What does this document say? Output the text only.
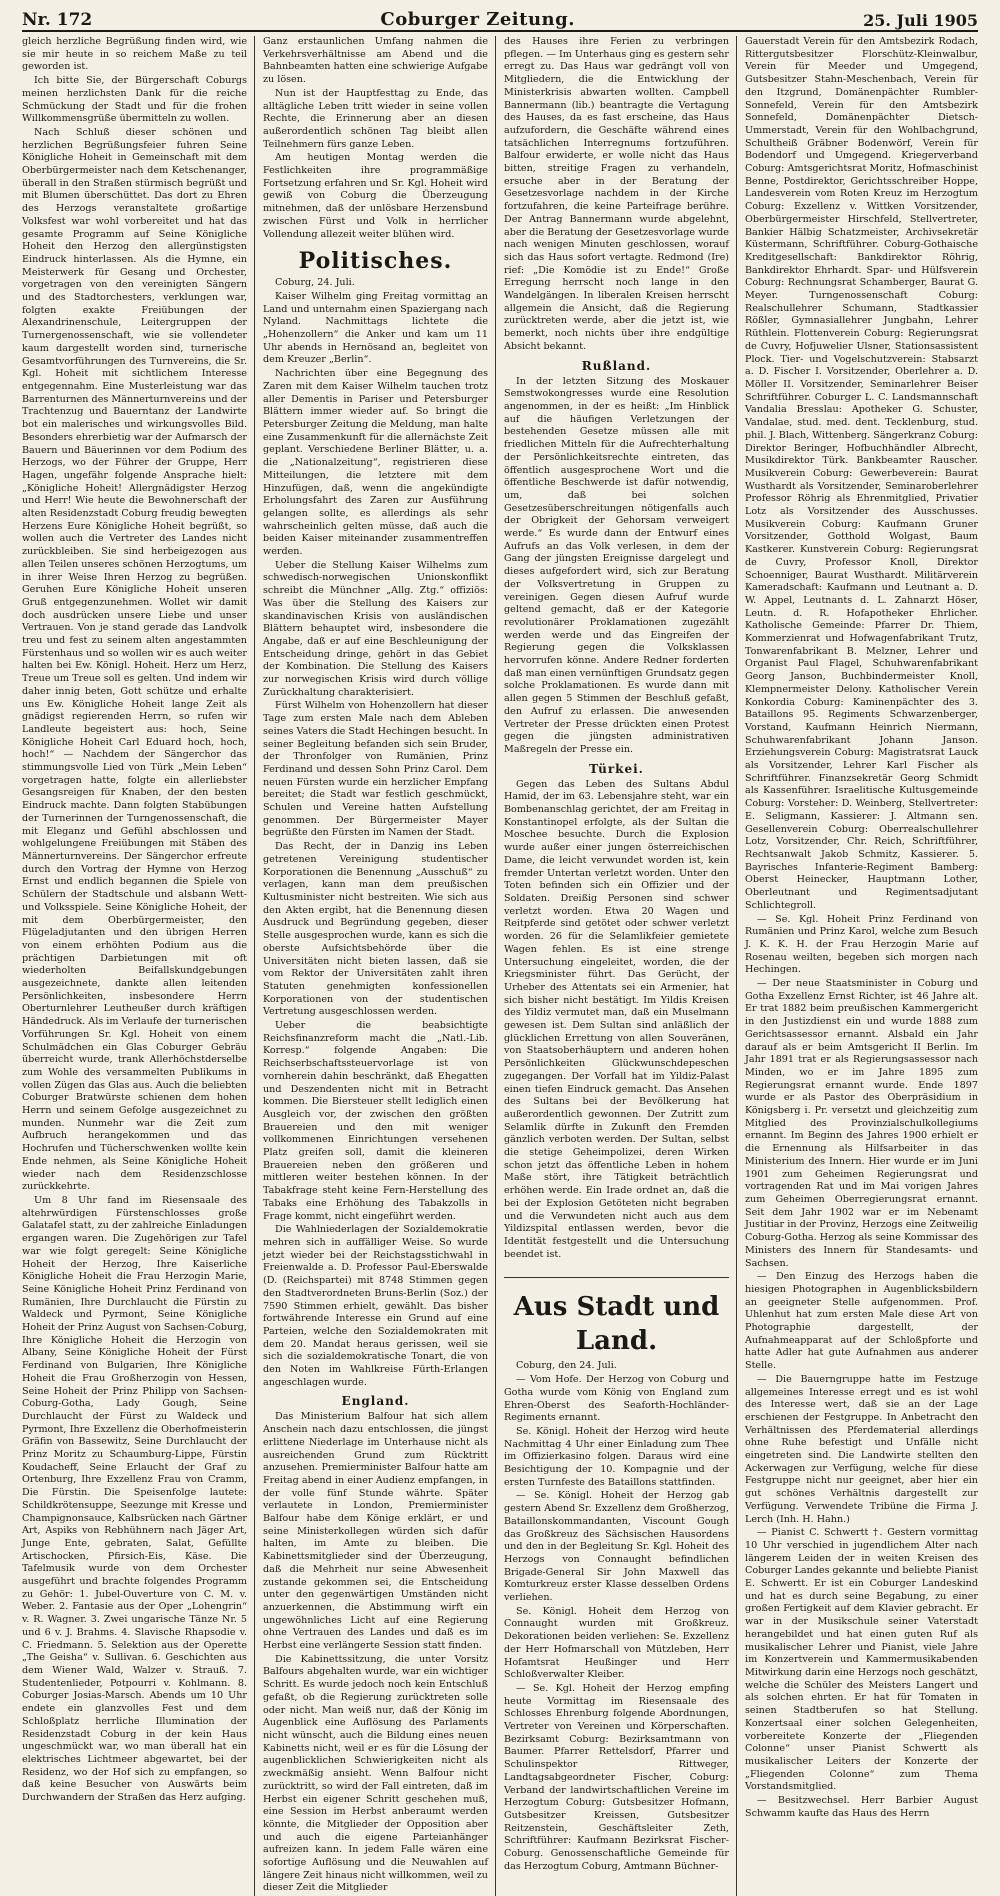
Nr. 172	Coburger Zeitung.	25. Juli 1905

gleich herzliche Begrüßung finden wird, wie sie mir heute in so reichem Maße zu teil geworden ist.

Ich bitte Sie, der Bürgerschaft Coburgs meinen herzlichsten Dank für die reiche Schmückung der Stadt und für die frohen Willkommensgrüße übermitteln zu wollen.

Nach Schluß dieser schönen und herzlichen Begrüßungsfeier fuhren Seine Königliche Hoheit in Gemeinschaft mit dem Oberbürgermeister nach dem Ketschenanger, überall in den Straßen stürmisch begrüßt und mit Blumen überschüttet. Das dort zu Ehren des Herzogs veranstaltete großartige Volksfest war wohl vorbereitet und hat das gesamte Programm auf Seine Königliche Hoheit den Herzog den allergünstigsten Eindruck hinterlassen. Als die Hymne, ein Meisterwerk für Gesang und Orchester, vorgetragen von den vereinigten Sängern und des Stadtorchesters, verklungen war, folgten exakte Freiübungen der Alexandrinenschule, Leitergruppen der Turnergenossenschaft, wie sie vollendeter kaum dargestellt worden sind, turnerische Gesamtvorführungen des Turnvereins, die Sr. Kgl. Hoheit mit sichtlichem Interesse entgegennahm. Eine Musterleistung war das Barrenturnen des Männerturnvereins und der Trachtenzug und Bauerntanz der Landwirte bot ein malerisches und wirkungsvolles Bild. Besonders ehrerbietig war der Aufmarsch der Bauern und Bäuerinnen vor dem Podium des Herzogs, wo der Führer der Gruppe, Herr Hagen, ungefähr folgende Ansprache hielt: „Königliche Hoheit! Allergnädigster Herzog und Herr! Wie heute die Bewohnerschaft der alten Residenzstadt Coburg freudig bewegten Herzens Eure Königliche Hoheit begrüßt, so wollen auch die Vertreter des Landes nicht zurückbleiben. Sie sind herbeigezogen aus allen Teilen unseres schönen Herzogtums, um in ihrer Weise Ihren Herzog zu begrüßen. Geruhen Eure Königliche Hoheit unseren Gruß entgegenzunehmen. Wollet wir damit doch ausdrücken unsere Liebe und unser Vertrauen. Von je stand gerade das Landvolk treu und fest zu seinem alten angestammten Fürstenhaus und so wollen wir es auch weiter halten bei Ew. Königl. Hoheit. Herz um Herz, Treue um Treue soll es gelten. Und indem wir daher innig beten, Gott schütze und erhalte uns Ew. Königliche Hoheit lange Zeit als gnädigst regierenden Herrn, so rufen wir Landleute begeistert aus: hoch, Seine Königliche Hoheit Carl Eduard hoch, hoch, hoch!“ — Nachdem der Sängerchor das stimmungsvolle Lied von Türk „Mein Leben“ vorgetragen hatte, folgte ein allerliebster Gesangsreigen für Knaben, der den besten Eindruck machte. Dann folgten Stabübungen der Turnerinnen der Turngenossenschaft, die mit Eleganz und Gefühl abschlossen und wohlgelungene Freiübungen mit Stäben des Männerturnvereins. Der Sängerchor erfreute durch den Vortrag der Hymne von Herzog Ernst und endlich begannen die Spiele von Schülern der Stadtschule und alsbann Wett- und Volksspiele. Seine Königliche Hoheit, der mit dem Oberbürgermeister, den Flügeladjutanten und den übrigen Herren von einem erhöhten Podium aus die prächtigen Darbietungen mit oft wiederholten Beifallskundgebungen ausgezeichnete, dankte allen leitenden Persönlichkeiten, insbesondere Herrn Oberturnlehrer Leutheußer durch kräftigen Händedruck. Als im Verlaufe der turnerischen Vorführungen Sr. Kgl. Hoheit von einem Schulmädchen ein Glas Coburger Gebräu überreicht wurde, trank Allerhöchstderselbe zum Wohle des versammelten Publikums in vollen Zügen das Glas aus. Auch die beliebten Coburger Bratwürste schienen dem hohen Herrn und seinem Gefolge ausgezeichnet zu munden. Nunmehr war die Zeit zum Aufbruch herangekommen und das Hochrufen und Tücherschwenken wollte kein Ende nehmen, als Seine Königliche Hoheit wieder nach dem Residenzschlosse zurückkehrte.

Um 8 Uhr fand im Riesensaale des altehrwürdigen Fürstenschlosses große Galatafel statt, zu der zahlreiche Einladungen ergangen waren. Die Zugehörigen zur Tafel war wie folgt geregelt: Seine Königliche Hoheit der Herzog, Ihre Kaiserliche Königliche Hoheit die Frau Herzogin Marie, Seine Königliche Hoheit Prinz Ferdinand von Rumänien, Ihre Durchlaucht die Fürstin zu Waldeck und Pyrmont, Seine Königliche Hoheit der Prinz August von Sachsen-Coburg, Ihre Königliche Hoheit die Herzogin von Albany, Seine Königliche Hoheit der Fürst Ferdinand von Bulgarien, Ihre Königliche Hoheit die Frau Großherzogin von Hessen, Seine Hoheit der Prinz Philipp von Sachsen-Coburg-Gotha, Lady Gough, Seine Durchlaucht der Fürst zu Waldeck und Pyrmont, Ihre Exzellenz die Oberhofmeisterin Gräfin von Bassewitz, Seine Durchlaucht der Prinz Moritz zu Schaumburg-Lippe, Fürstin Koudacheff, Seine Erlaucht der Graf zu Ortenburg, Ihre Exzellenz Frau von Cramm, Die Fürstin. Die Speisenfolge lautete: Schildkrötensuppe, Seezunge mit Kresse und Champignonsauce, Kalbsrücken nach Gärtner Art, Aspiks von Rebhühnern nach Jäger Art, Junge Ente, gebraten, Salat, Gefüllte Artischocken, Pfirsich-Eis, Käse. Die Tafelmusik wurde von dem Orchester ausgeführt und brachte folgendes Programm zu Gehör: 1. Jubel-Ouverture von C. M. v. Weber. 2. Fantasie aus der Oper „Lohengrin“ v. R. Wagner. 3. Zwei ungarische Tänze Nr. 5 und 6 v. J. Brahms. 4. Slavische Rhapsodie v. C. Friedmann. 5. Selektion aus der Operette „The Geisha“ v. Sullivan. 6. Geschichten aus dem Wiener Wald, Walzer v. Strauß. 7. Studentenlieder, Potpourri v. Kohlmann. 8. Coburger Josias-Marsch. Abends um 10 Uhr endete ein glanzvolles Fest und dem Schloßplatz herrliche Illumination der Residenzstadt Coburg in der kein Haus ungeschmückt war, wo man überall hat ein elektrisches Lichtmeer abgewartet, bei der Residenz, wo der Hof sich zu empfangen, so daß keine Besucher von Auswärts beim Durchwandern der Straßen das Herz aufging.

Ganz erstaunlichen Umfang nahmen die Verkehrsverhältnisse am Abend und die Bahnbeamten hatten eine schwierige Aufgabe zu lösen.

Nun ist der Hauptfesttag zu Ende, das alltägliche Leben tritt wieder in seine vollen Rechte, die Erinnerung aber an diesen außerordentlich schönen Tag bleibt allen Teilnehmern fürs ganze Leben.

Am heutigen Montag werden die Festlichkeiten ihre programmäßige Fortsetzung erfahren und Sr. Kgl. Hoheit wird gewiß von Coburg die Überzeugung mitnehmen, daß der unlösbare Herzensbund zwischen Fürst und Volk in herrlicher Vollendung allezeit weiter blühen wird.

Politisches.

Coburg, 24. Juli.

Kaiser Wilhelm ging Freitag vormittag an Land und unternahm einen Spaziergang nach Nyland. Nachmittags lichtete die „Hohenzollern“ die Anker und kam um 11 Uhr abends in Hernösand an, begleitet von dem Kreuzer „Berlin“.

Nachrichten über eine Begegnung des Zaren mit dem Kaiser Wilhelm tauchen trotz aller Dementis in Pariser und Petersburger Blättern immer wieder auf. So bringt die Petersburger Zeitung die Meldung, man halte eine Zusammenkunft für die allernächste Zeit geplant. Verschiedene Berliner Blätter, u. a. die „Nationalzeitung“, registrieren diese Mitteilungen, die letztere mit dem Hinzufügen, daß, wenn die angekündigte Erholungsfahrt des Zaren zur Ausführung gelangen sollte, es allerdings als sehr wahrscheinlich gelten müsse, daß auch die beiden Kaiser miteinander zusammentreffen werden.

Ueber die Stellung Kaiser Wilhelms zum schwedisch-norwegischen Unionskonflikt schreibt die Münchner „Allg. Ztg.“ offiziös: Was über die Stellung des Kaisers zur skandinavischen Krisis von ausländischen Blättern behauptet wird, insbesondere die Angabe, daß er auf eine Beschleunigung der Entscheidung dringe, gehört in das Gebiet der Kombination. Die Stellung des Kaisers zur norwegischen Krisis wird durch völlige Zurückhaltung charakterisiert.

Fürst Wilhelm von Hohenzollern hat dieser Tage zum ersten Male nach dem Ableben seines Vaters die Stadt Hechingen besucht. In seiner Begleitung befanden sich sein Bruder, der Thronfolger von Rumänien, Prinz Ferdinand und dessen Sohn Prinz Carol. Dem neuen Fürsten wurde ein herzlicher Empfang bereitet; die Stadt war festlich geschmückt, Schulen und Vereine hatten Aufstellung genommen. Der Bürgermeister Mayer begrüßte den Fürsten im Namen der Stadt.

Das Recht, der in Danzig ins Leben getretenen Vereinigung studentischer Korporationen die Benennung „Ausschuß“ zu verlagen, kann man dem preußischen Kultusminister nicht bestreiten. Wie sich aus den Akten ergibt, hat die Benennung diesen Ausdruck und Begründung gegeben, dieser Stelle ausgesprochen wurde, kann es sich die oberste Aufsichtsbehörde über die Universitäten nicht bieten lassen, daß sie vom Rektor der Universitäten zahlt ihren Statuten genehmigten konfessionellen Korporationen von der studentischen Vertretung ausgeschlossen werden.

Ueber die beabsichtigte Reichsfinanzreform macht die „Natl.-Lib. Korresp.“ folgende Angaben: Die Reichserbschaftssteuervorlage ist von vornherein dahin beschränkt, daß Ehegatten und Deszendenten nicht mit in Betracht kommen. Die Biersteuer stellt lediglich einen Ausgleich vor, der zwischen den größten Brauereien und den mit weniger vollkommenen Einrichtungen versehenen Platz greifen soll, damit die kleineren Brauereien neben den größeren und mittleren weiter bestehen können. In der Tabakfrage steht keine Fern-Herstellung des Tabaks eine Erhöhung des Tabakzolls in Frage kommt, nicht eingeführt werden.

Die Wahlniederlagen der Sozialdemokratie mehren sich in auffälliger Weise. So wurde jetzt wieder bei der Reichstagsstichwahl in Freienwalde a. D. Professor Paul-Eberswalde (D. (Reichspartei) mit 8748 Stimmen gegen den Stadtverordneten Bruns-Berlin (Soz.) der 7590 Stimmen erhielt, gewählt. Das bisher fortwährende Interesse ein Grund auf eine Parteien, welche den Sozialdemokraten mit dem 20. Mandat heraus gerissen, weil sie sich die sozialdemokratische Tonart, die von den Noten im Wahlkreise Fürth-Erlangen angeschlagen wurde.

England.

Das Ministerium Balfour hat sich allem Anschein nach dazu entschlossen, die jüngst erlittene Niederlage im Unterhause nicht als ausreichenden Grund zum Rücktritt anzusehen. Premierminister Balfour hatte am Freitag abend in einer Audienz empfangen, in der volle fünf Stunde währte. Später verlautete in London, Premierminister Balfour habe dem Könige erklärt, er und seine Ministerkollegen würden sich dafür halten, im Amte zu bleiben. Die Kabinettsmitglieder sind der Überzeugung, daß die Mehrheit nur seine Abwesenheit zustande gekommen sei, die Entscheidung unter den gegenwärtigen Umständen nicht anzuerkennen, die Abstimmung wirft ein ungewöhnliches Licht auf eine Regierung ohne Vertrauen des Landes und daß es im Herbst eine verlängerte Session statt finden.

Die Kabinettssitzung, die unter Vorsitz Balfours abgehalten wurde, war ein wichtiger Schritt. Es wurde jedoch noch kein Entschluß gefaßt, ob die Regierung zurücktreten solle oder nicht. Man weiß nur, daß der König im Augenblick eine Auflösung des Parlaments nicht wünscht, auch die Bildung eines neuen Kabinetts nicht, weil er es für die Lösung der augenblicklichen Schwierigkeiten nicht als zweckmäßig ansieht. Wenn Balfour nicht zurücktritt, so wird der Fall eintreten, daß im Herbst ein eigener Schritt geschehen muß, eine Session im Herbst anberaumt werden könnte, die Mitglieder der Opposition aber und auch die eigene Parteianhänger aufreizen kann. In jedem Falle wären eine sofortige Auflösung und die Neuwahlen auf längere Zeit hinaus nicht willkommen, weil zu dieser Zeit die Mitglieder

des Hauses ihre Ferien zu verbringen pflegen. — Im Unterhaus ging es gestern sehr erregt zu. Das Haus war gedrängt voll von Mitgliedern, die die Entwicklung der Ministerkrisis abwarten wollten. Campbell Bannermann (lib.) beantragte die Vertagung des Hauses, da es fast erscheine, das Haus aufzufordern, die Geschäfte während eines tatsächlichen Interregnums fortzuführen. Balfour erwiderte, er wolle nicht das Haus bitten, streitige Fragen zu verhandeln, ersuche aber in der Beratung der Gesetzesvorlage nachdem in der Kirche fortzufahren, die keine Parteifrage berühre. Der Antrag Bannermann wurde abgelehnt, aber die Beratung der Gesetzesvorlage wurde nach wenigen Minuten geschlossen, worauf sich das Haus sofort vertagte. Redmond (Ire) rief: „Die Komödie ist zu Ende!“ Große Erregung herrscht noch lange in den Wandelgängen. In liberalen Kreisen herrscht allgemein die Ansicht, daß die Regierung zurücktreten werde, aber die jetzt ist, wie bemerkt, noch nichts über ihre endgültige Absicht bekannt.

Rußland.

In der letzten Sitzung des Moskauer Semstwokongresses wurde eine Resolution angenommen, in der es heißt: „Im Hinblick auf die häufigen Verletzungen der bestehenden Gesetze müssen alle mit friedlichen Mitteln für die Aufrechterhaltung der Persönlichkeitsrechte eintreten, das öffentlich ausgesprochene Wort und die öffentliche Beschwerde ist dafür notwendig, um, daß bei solchen Gesetzesüberschreitungen nötigenfalls auch der Obrigkeit der Gehorsam verweigert werde.“ Es wurde dann der Entwurf eines Aufrufs an das Volk verlesen, in dem der Gang der jüngsten Ereignisse dargelegt und dieses aufgefordert wird, sich zur Beratung der Volksvertretung in Gruppen zu vereinigen. Gegen diesen Aufruf wurde geltend gemacht, daß er der Kategorie revolutionärer Proklamationen zugezählt werden werde und das Eingreifen der Regierung gegen die Volksklassen hervorrufen könne. Andere Redner forderten daß man einen vernünftigen Grundsatz gegen solche Proklamationen. Es wurde dann mit allen gegen 5 Stimmen der Beschluß gefaßt, den Aufruf zu erlassen. Die anwesenden Vertreter der Presse drückten einen Protest gegen die jüngsten administrativen Maßregeln der Presse ein.

Türkei.

Gegen das Leben des Sultans Abdul Hamid, der im 63. Lebensjahre steht, war ein Bombenanschlag gerichtet, der am Freitag in Konstantinopel erfolgte, als der Sultan die Moschee besuchte. Durch die Explosion wurde außer einer jungen österreichischen Dame, die leicht verwundet worden ist, kein fremder Untertan verletzt worden. Unter den Toten befinden sich ein Offizier und der Soldaten. Dreißig Personen sind schwer verletzt worden. Etwa 20 Wagen und Reitpferde sind getötet oder schwer verletzt worden. 26 für die Selamlikfeier gemietete Wagen fehlen. Es ist eine strenge Untersuchung eingeleitet, worden, die der Kriegsminister führt. Das Gerücht, der Urheber des Attentats sei ein Armenier, hat sich bisher nicht bestätigt. Im Yildis Kreisen des Yildiz vermutet man, daß ein Muselmann gewesen ist. Dem Sultan sind anläßlich der glücklichen Errettung von allen Souveränen, von Staatsoberhäuptern und anderen hohen Persönlichkeiten Glückwunschdepeschen zugegangen. Der Vorfall hat im Yildiz-Palast einen tiefen Eindruck gemacht. Das Ansehen des Sultans bei der Bevölkerung hat außerordentlich gewonnen. Der Zutritt zum Selamlik dürfte in Zukunft den Fremden gänzlich verboten werden. Der Sultan, selbst die stetige Geheimpolizei, deren Wirken schon jetzt das öffentliche Leben in hohem Maße stört, ihre Tätigkeit beträchtlich erhöhen werde. Ein Irade ordnet an, daß die bei der Explosion Getöteten nicht begraben und die Verwundeten nicht auch aus dem Yildizspital entlassen werden, bevor die Identität festgestellt und die Untersuchung beendet ist.

Aus Stadt und Land.

Coburg, den 24. Juli.

— Vom Hofe. Der Herzog von Coburg und Gotha wurde vom König von England zum Ehren-Oberst des Seaforth-Hochländer-Regiments ernannt.

Se. Königl. Hoheit der Herzog wird heute Nachmittag 4 Uhr einer Einladung zum Thee im Offizierkasino folgen. Daraus wird eine Besichtigung der 10. Kompagnie und der ersten Turnfeste des Bataillons stattfinden.

— Se. Königl. Hoheit der Herzog gab gestern Abend Sr. Exzellenz dem Großherzog, Bataillonskommandanten, Viscount Gough das Großkreuz des Sächsischen Hausordens und den in der Begleitung Sr. Kgl. Hoheit des Herzogs von Connaught befindlichen Brigade-General Sir John Maxwell das Komturkreuz erster Klasse desselben Ordens verliehen.

Se. Königl. Hoheit dem Herzog von Connaught wurden mit Großkreuz. Dekorationen beiden verliehen: Se. Exzellenz der Herr Hofmarschall von Mützleben, Herr Hofamtsrat Heußinger und Herr Schloßverwalter Kleiber.

— Se. Kgl. Hoheit der Herzog empfing heute Vormittag im Riesensaale des Schlosses Ehrenburg folgende Abordnungen, Vertreter von Vereinen und Körperschaften. Bezirksamt Coburg: Bezirksamtmann von Baumer. Pfarrer Rettelsdorf, Pfarrer und Schulinspektor Rittweger, Landtagsabgeordneter Fischer, Coburg: Verband der landwirtschaftlichen Vereine im Herzogtum Coburg: Gutsbesitzer Hofmann, Gutsbesitzer Kreissen, Gutsbesitzer Reitzenstein, Geschäftsleiter Zeth, Schriftführer: Kaufmann Bezirksrat Fischer-Coburg. Genossenschaftliche Gemeinde für das Herzogtum Coburg, Amtmann Büchner-

Gauerstadt Verein für den Amtsbezirk Rodach, Rittergutsbesitzer Florschütz-Kleinwalbur, Verein für Meeder und Umgegend, Gutsbesitzer Stahn-Meschenbach, Verein für den Itzgrund, Domänenpächter Rumbler-Sonnefeld, Verein für den Amtsbezirk Sonnefeld, Domänenpächter Dietsch-Ummerstadt, Verein für den Wohlbachgrund, Schultheiß Gräbner Bodenwörf, Verein für Bodendorf und Umgegend. Kriegerverband Coburg: Amtsgerichtsrat Moritz, Hofmaschinist Benne, Postdirektor, Gerichtsschreiber Hoppe, Landesverein vom Roten Kreuz im Herzogtum Coburg: Exzellenz v. Wittken Vorsitzender, Oberbürgermeister Hirschfeld, Stellvertreter, Bankier Hälbig Schatzmeister, Archivsekretär Küstermann, Schriftführer. Coburg-Gothaische Kreditgesellschaft: Bankdirektor Röhrig, Bankdirektor Ehrhardt. Spar- und Hülfsverein Coburg: Rechnungsrat Schamberger, Baurat G. Meyer. Turngenossenschaft Coburg: Realschullehrer Schumann, Stadtkassier Rößler, Gymnasiallehrer Jungbahn, Lehrer Rüthlein. Flottenverein Coburg: Regierungsrat de Cuvry, Hofjuwelier Ulsner, Stationsassistent Plock. Tier- und Vogelschutzverein: Stabsarzt a. D. Fischer I. Vorsitzender, Oberlehrer a. D. Möller II. Vorsitzender, Seminarlehrer Beiser Schriftführer. Coburger L. C. Landsmannschaft Vandalia Bresslau: Apotheker G. Schuster, Vandalae, stud. med. dent. Tecklenburg, stud. phil. J. Blach, Wittenberg. Sängerkranz Coburg: Direktor Beringer, Hofbuchhändler Albrecht, Musikdirektor Türk. Bankbeamter Rauscher. Musikverein Coburg: Gewerbeverein: Baurat Wusthardt als Vorsitzender, Seminaroberlehrer Professor Röhrig als Ehrenmitglied, Privatier Lotz als Vorsitzender des Ausschusses. Musikverein Coburg: Kaufmann Gruner Vorsitzender, Gotthold Wolgast, Baum Kastkerer. Kunstverein Coburg: Regierungsrat de Cuvry, Professor Knoll, Direktor Schoenniger, Baurat Wusthardt. Militärverein Kameradschaft: Kaufmann und Leutnant a. D. W. Appel, Leutnants d. L. Zahnarzt Höser, Leutn. d. R. Hofapotheker Ehrlicher. Katholische Gemeinde: Pfarrer Dr. Thiem, Kommerzienrat und Hofwagenfabrikant Trutz, Tonwarenfabrikant B. Melzner, Lehrer und Organist Paul Flagel, Schuhwarenfabrikant Georg Janson, Buchbindermeister Knoll, Klempnermeister Delony. Katholischer Verein Konkordia Coburg: Kaminenpächter des 3. Bataillons 95. Regiments Schwarzenberger, Vorstand, Kaufmann Heinrich Niermann, Schuhwarenfabrikant Johann Janson. Erziehungsverein Coburg: Magistratsrat Lauck als Vorsitzender, Lehrer Karl Fischer als Schriftführer. Finanzsekretär Georg Schmidt als Kassenführer. Israelitische Kultusgemeinde Coburg: Vorsteher: D. Weinberg, Stellvertreter: E. Seligmann, Kassierer: J. Altmann sen. Gesellenverein Coburg: Oberrealschullehrer Lotz, Vorsitzender, Chr. Reich, Schriftführer, Rechtsanwalt Jakob Schmitz, Kassierer. 5. Bayrisches Infanterie-Regiment Bamberg: Oberst Heinecker, Hauptmann Lother, Oberleutnant und Regimentsadjutant Schlichtegroll.

— Se. Kgl. Hoheit Prinz Ferdinand von Rumänien und Prinz Karol, welche zum Besuch J. K. K. H. der Frau Herzogin Marie auf Rosenau weilten, begeben sich morgen nach Hechingen.

— Der neue Staatsminister in Coburg und Gotha Exzellenz Ernst Richter, ist 46 Jahre alt. Er trat 1882 beim preußischen Kammergericht in den Justizdienst ein und wurde 1888 zum Gerichtsassessor ernannt. Alsbald ein Jahr darauf als er beim Amtsgericht II Berlin. Im Jahr 1891 trat er als Regierungsassessor nach Minden, wo er im Jahre 1895 zum Regierungsrat ernannt wurde. Ende 1897 wurde er als Pastor des Oberpräsidium in Königsberg i. Pr. versetzt und gleichzeitig zum Mitglied des Provinzialschulkollegiums ernannt. Im Beginn des Jahres 1900 erhielt er die Ernennung als Hilfsarbeiter in das Ministerium des Innern. Hier wurde er im Juni 1901 zum Geheimen Regierungsrat und vortragenden Rat und im Mai vorigen Jahres zum Geheimen Oberregierungsrat ernannt. Seit dem Jahr 1902 war er im Nebenamt Justitiar in der Provinz, Herzogs eine Zeitweilig Coburg-Gotha. Herzog als seine Kommissar des Ministers des Innern für Standesamts- und Sachsen.

— Den Einzug des Herzogs haben die hiesigen Photographen in Augenblicksbildern an geeigneter Stelle aufgenommen. Prof. Uhlenhut hat zum ersten Male diese Art von Photographie dargestellt, der Aufnahmeapparat auf der Schloßpforte und hatte Adler hat gute Aufnahmen aus anderer Stelle.

— Die Bauerngruppe hatte im Festzuge allgemeines Interesse erregt und es ist wohl des Interesse wert, daß sie an der Lage erschienen der Festgruppe. In Anbetracht den Verhältnissen des Pferdematerial allerdings ohne Ruhe befestigt und Unfälle nicht eingetreten sind. Die Landwirte stellten den Ackerwagen zur Verfügung, welche für diese Festgruppe nicht nur geeignet, aber hier ein gut schönes Verhältnis dargestellt zur Verfügung. Verwendete Tribüne die Firma J. Lerch (Inh. H. Hahn.)

— Pianist C. Schwertt †. Gestern vormittag 10 Uhr verschied in jugendlichem Alter nach längerem Leiden der in weiten Kreisen des Coburger Landes gekannte und beliebte Pianist E. Schwertt. Er ist ein Coburger Landeskind und hat es durch seine Begabung, zu einer großen Fertigkeit auf dem Klavier gebracht. Er war in der Musikschule seiner Vaterstadt herangebildet und hat einen guten Ruf als musikalischer Lehrer und Pianist, viele Jahre im Konzertverein und Kammermusikabenden Mitwirkung darin eine Herzogs noch geschätzt, welche die Schüler des Meisters Langert und als solchen ehrten. Er hat für Tomaten in seinen Stadtberufen so hat Stellung. Konzertsaal einer solchen Gelegenheiten, vorbereitete Konzerte der „Fliegenden Colonne“ unser Pianist Schwertt als musikalischer Leiters der Konzerte der „Fliegenden Colonne“ zum Thema Vorstandsmitglied.

— Besitzwechsel. Herr Barbier August Schwamm kaufte das Haus des Herrn
